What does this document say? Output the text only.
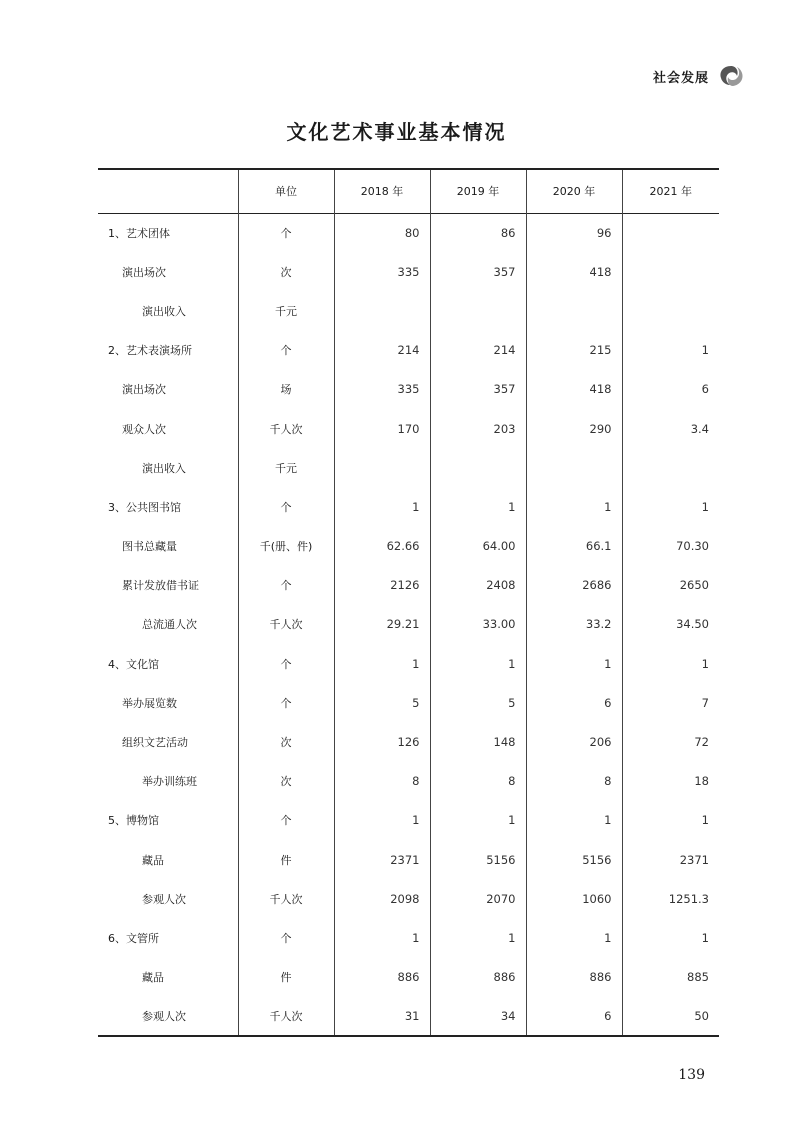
社会发展
文化艺术事业基本情况
	单位	2018 年	2019 年	2020 年	2021 年
1、艺术团体	个	80	86	96	
演出场次	次	335	357	418	
演出收入	千元				
2、艺术表演场所	个	214	214	215	1
演出场次	场	335	357	418	6
观众人次	千人次	170	203	290	3.4
演出收入	千元				
3、公共图书馆	个	1	1	1	1
图书总藏量	千(册、件)	62.66	64.00	66.1	70.30
累计发放借书证	个	2126	2408	2686	2650
总流通人次	千人次	29.21	33.00	33.2	34.50
4、文化馆	个	1	1	1	1
举办展览数	个	5	5	6	7
组织文艺活动	次	126	148	206	72
举办训练班	次	8	8	8	18
5、博物馆	个	1	1	1	1
藏品	件	2371	5156	5156	2371
参观人次	千人次	2098	2070	1060	1251.3
6、文管所	个	1	1	1	1
藏品	件	886	886	886	885
参观人次	千人次	31	34	6	50
139
